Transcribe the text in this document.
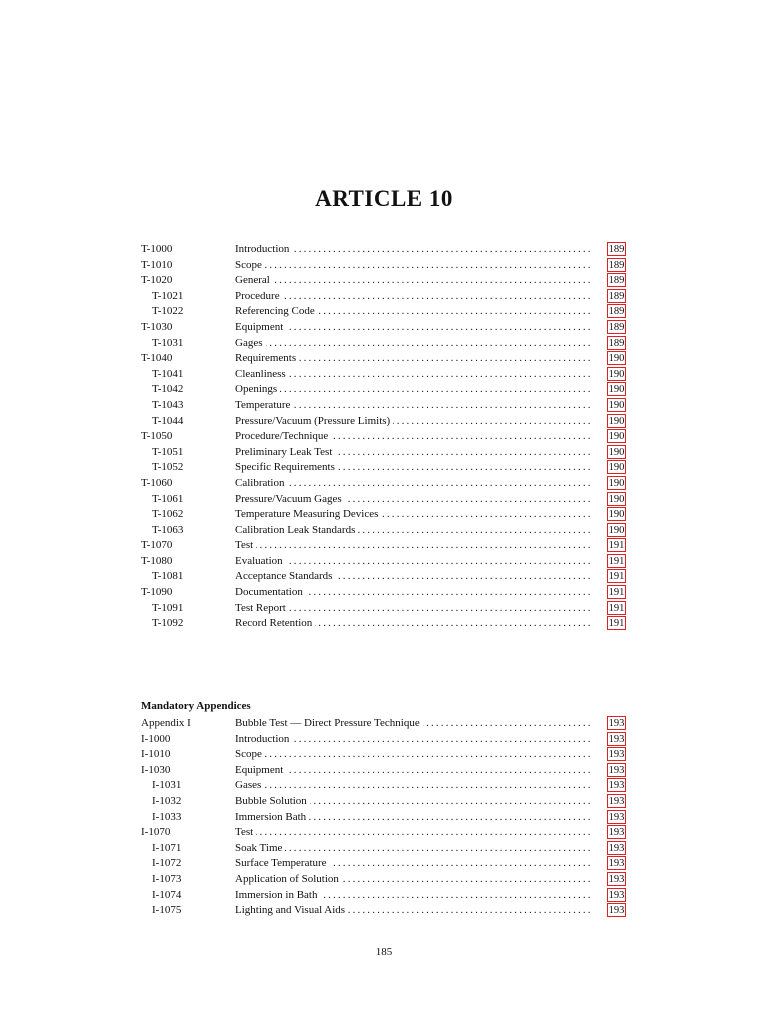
ARTICLE 10
T-1000	Introduction . . .	189
T-1010	Scope . . .	189
T-1020	General . . .	189
T-1021	Procedure . . .	189
T-1022	Referencing Code . . .	189
T-1030	Equipment . . .	189
T-1031	Gages . . .	189
T-1040	Requirements . . .	190
T-1041	Cleanliness . . .	190
T-1042	Openings . . .	190
T-1043	Temperature . . .	190
T-1044	Pressure/Vacuum (Pressure Limits) . . .	190
T-1050	Procedure/Technique . . .	190
T-1051	Preliminary Leak Test . . .	190
T-1052	Specific Requirements . . .	190
T-1060	Calibration . . .	190
T-1061	Pressure/Vacuum Gages . . .	190
T-1062	Temperature Measuring Devices . . .	190
T-1063	Calibration Leak Standards . . .	190
T-1070	Test . . .	191
T-1080	Evaluation . . .	191
T-1081	Acceptance Standards . . .	191
T-1090	Documentation . . .	191
T-1091	Test Report . . .	191
T-1092	Record Retention . . .	191
Mandatory Appendices
Appendix I	Bubble Test — Direct Pressure Technique . . .	193
I-1000	Introduction . . .	193
I-1010	Scope . . .	193
I-1030	Equipment . . .	193
I-1031	Gases . . .	193
I-1032	Bubble Solution . . .	193
I-1033	Immersion Bath . . .	193
I-1070	Test . . .	193
I-1071	Soak Time . . .	193
I-1072	Surface Temperature . . .	193
I-1073	Application of Solution . . .	193
I-1074	Immersion in Bath . . .	193
I-1075	Lighting and Visual Aids . . .	193
185
